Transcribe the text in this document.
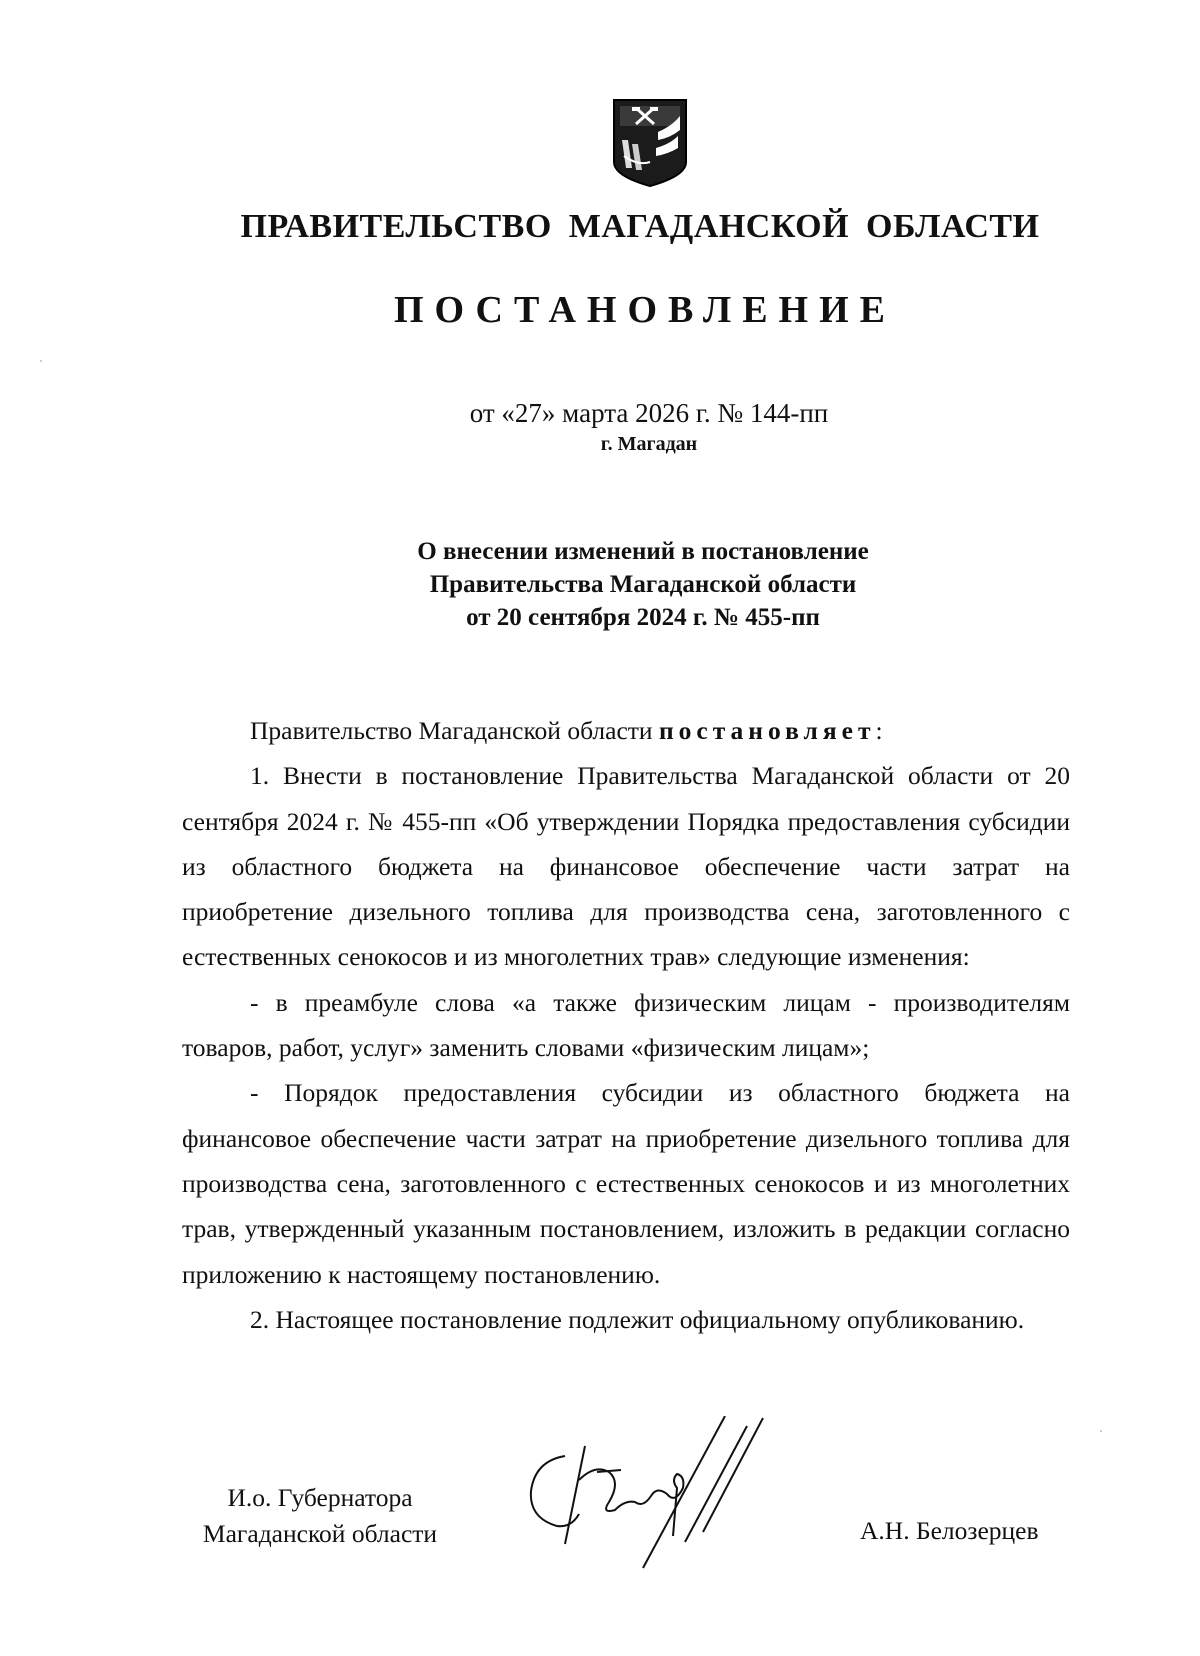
ПРАВИТЕЛЬСТВО МАГАДАНСКОЙ ОБЛАСТИ
ПОСТАНОВЛЕНИЕ
от «27» марта 2026 г. № 144-пп
г. Магадан
О внесении изменений в постановление
Правительства Магаданской области
от 20 сентября 2024 г. № 455-пп

Правительство Магаданской области постановляет:

1. Внести в постановление Правительства Магаданской области от 20 сентября 2024 г. № 455-пп «Об утверждении Порядка предоставления субсидии из областного бюджета на финансовое обеспечение части затрат на приобретение дизельного топлива для производства сена, заготовленного с естественных сенокосов и из многолетних трав» следующие изменения:

- в преамбуле слова «а также физическим лицам - производителям товаров, работ, услуг» заменить словами «физическим лицам»;

- Порядок предоставления субсидии из областного бюджета на финансовое обеспечение части затрат на приобретение дизельного топлива для производства сена, заготовленного с естественных сенокосов и из многолетних трав, утвержденный указанным постановлением, изложить в редакции согласно приложению к настоящему постановлению.

2. Настоящее постановление подлежит официальному опубликованию.

И.о. Губернатора
Магаданской области	А.Н. Белозерцев
